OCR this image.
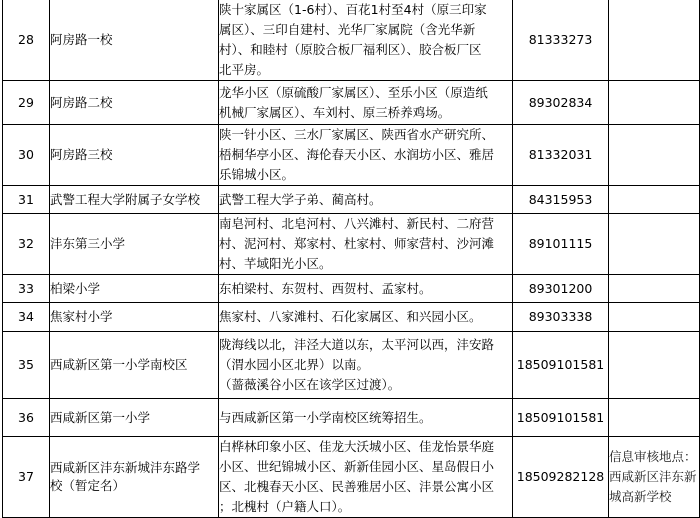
28	阿房路一校	陕十家属区（1-6村）、百花1村至4村（原三印家
属区）、三印自建村、光华厂家属院（含光华新
村）、和睦村（原胶合板厂福利区）、胶合板厂区
北平房。	81333273	
29	阿房路二校	龙华小区（原硫酸厂家属区）、至乐小区（原造纸
机械厂家属区）、车刘村、原三桥养鸡场。	89302834	
30	阿房路三校	陕一针小区、三水厂家属区、陕西省水产研究所、
梧桐华亭小区、海伦春天小区、水润坊小区、雅居
乐锦城小区。	81332031	
31	武警工程大学附属子女学校	武警工程大学子弟、蔺高村。	84315953	
32	沣东第三小学	南皂河村、北皂河村、八兴滩村、新民村、二府营
村、泥河村、郑家村、杜家村、师家营村、沙河滩
村、芊域阳光小区。	89101115	
33	柏梁小学	东柏梁村、东贺村、西贺村、孟家村。	89301200	
34	焦家村小学	焦家村、八家滩村、石化家属区、和兴园小区。	89303338	
35	西咸新区第一小学南校区	陇海线以北，沣泾大道以东，太平河以西，沣安路
（渭水园小区北界）以南。
（蔷薇溪谷小区在该学区过渡）。	18509101581	
36	西咸新区第一小学	与西咸新区第一小学南校区统筹招生。	18509101581	
37	西咸新区沣东新城沣东路学
校（暂定名）	白桦林印象小区、佳龙大沃城小区、佳龙怡景华庭
小区、世纪锦城小区、新新佳园小区、星岛假日小
区、北槐春天小区、民善雅居小区、沣景公寓小区
；北槐村（户籍人口）。	18509282128	信息审核地点：
西咸新区沣东新
城高新学校
